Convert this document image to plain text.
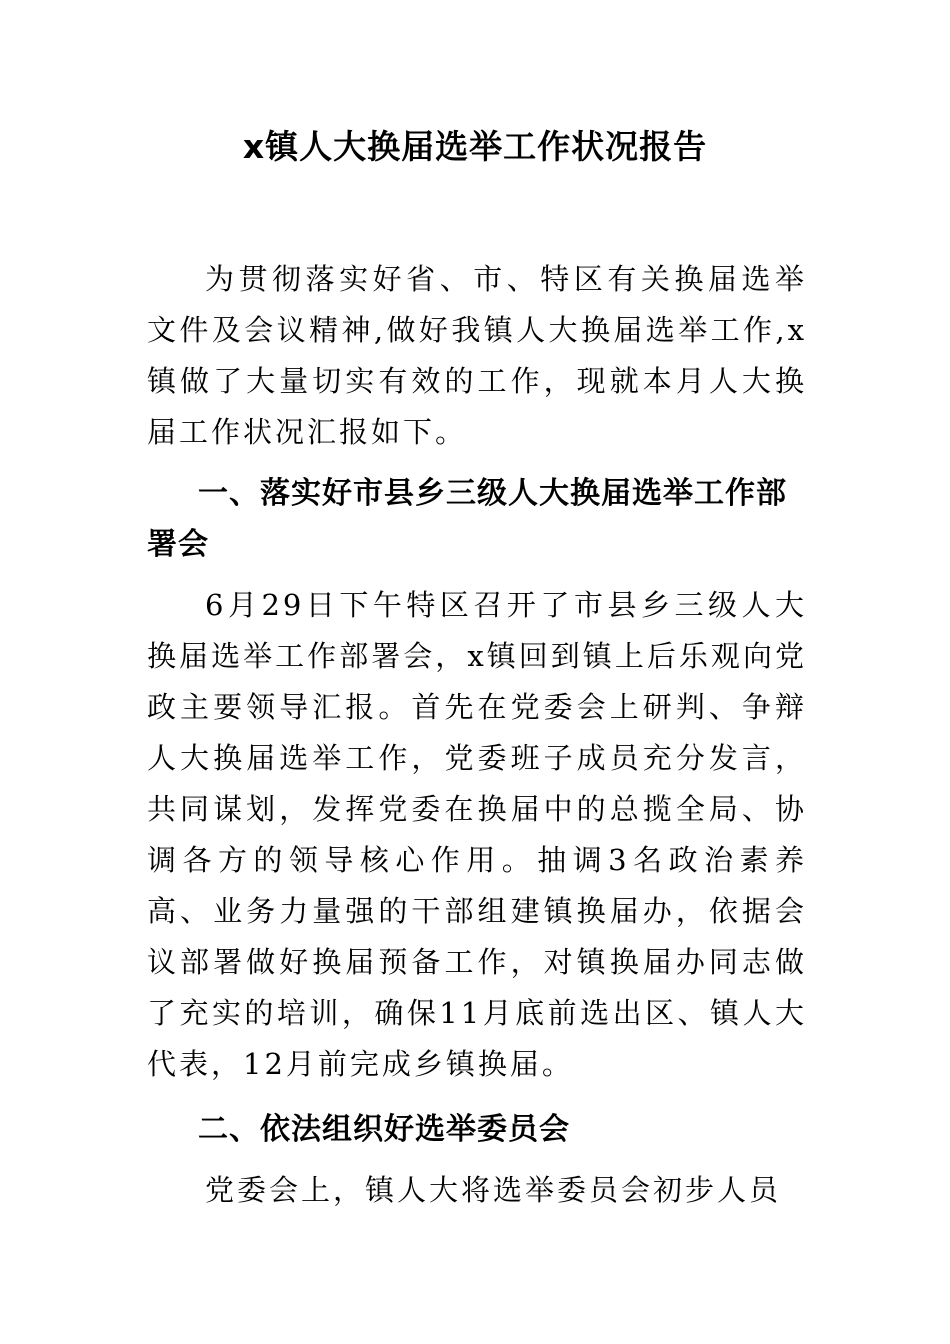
x镇人大换届选举工作状况报告

为贯彻落实好省、市、特区有关换届选举文件及会议精神,做好我镇人大换届选举工作,x镇做了大量切实有效的工作，现就本月人大换届工作状况汇报如下。

一、落实好市县乡三级人大换届选举工作部署会

6月29日下午特区召开了市县乡三级人大换届选举工作部署会，x镇回到镇上后乐观向党政主要领导汇报。首先在党委会上研判、争辩人大换届选举工作，党委班子成员充分发言，共同谋划，发挥党委在换届中的总揽全局、协调各方的领导核心作用。抽调3名政治素养高、业务力量强的干部组建镇换届办，依据会议部署做好换届预备工作，对镇换届办同志做了充实的培训，确保11月底前选出区、镇人大代表，12月前完成乡镇换届。

二、依法组织好选举委员会

党委会上，镇人大将选举委员会初步人员
